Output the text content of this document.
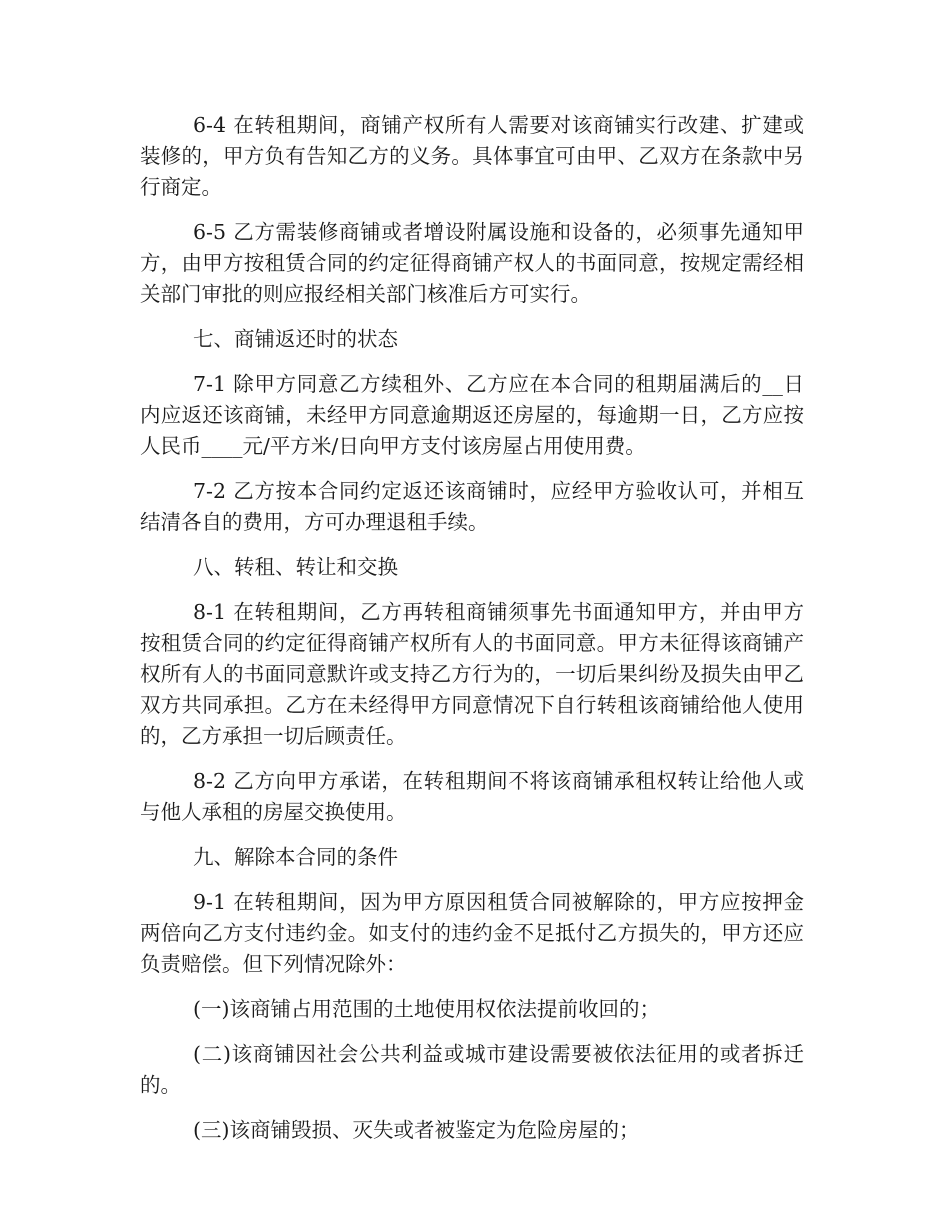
6-4 在转租期间，商铺产权所有人需要对该商铺实行改建、扩建或装修的，甲方负有告知乙方的义务。具体事宜可由甲、乙双方在条款中另行商定。

6-5 乙方需装修商铺或者增设附属设施和设备的，必须事先通知甲方，由甲方按租赁合同的约定征得商铺产权人的书面同意，按规定需经相关部门审批的则应报经相关部门核准后方可实行。

七、商铺返还时的状态

7-1 除甲方同意乙方续租外、乙方应在本合同的租期届满后的__日内应返还该商铺，未经甲方同意逾期返还房屋的，每逾期一日，乙方应按人民币____元/平方米/日向甲方支付该房屋占用使用费。

7-2 乙方按本合同约定返还该商铺时，应经甲方验收认可，并相互结清各自的费用，方可办理退租手续。

八、转租、转让和交换

8-1 在转租期间，乙方再转租商铺须事先书面通知甲方，并由甲方按租赁合同的约定征得商铺产权所有人的书面同意。甲方未征得该商铺产权所有人的书面同意默许或支持乙方行为的，一切后果纠纷及损失由甲乙双方共同承担。乙方在未经得甲方同意情况下自行转租该商铺给他人使用的，乙方承担一切后顾责任。

8-2 乙方向甲方承诺，在转租期间不将该商铺承租权转让给他人或与他人承租的房屋交换使用。

九、解除本合同的条件

9-1 在转租期间，因为甲方原因租赁合同被解除的，甲方应按押金两倍向乙方支付违约金。如支付的违约金不足抵付乙方损失的，甲方还应负责赔偿。但下列情况除外：

(一)该商铺占用范围的土地使用权依法提前收回的；

(二)该商铺因社会公共利益或城市建设需要被依法征用的或者拆迁的。

(三)该商铺毁损、灭失或者被鉴定为危险房屋的；
